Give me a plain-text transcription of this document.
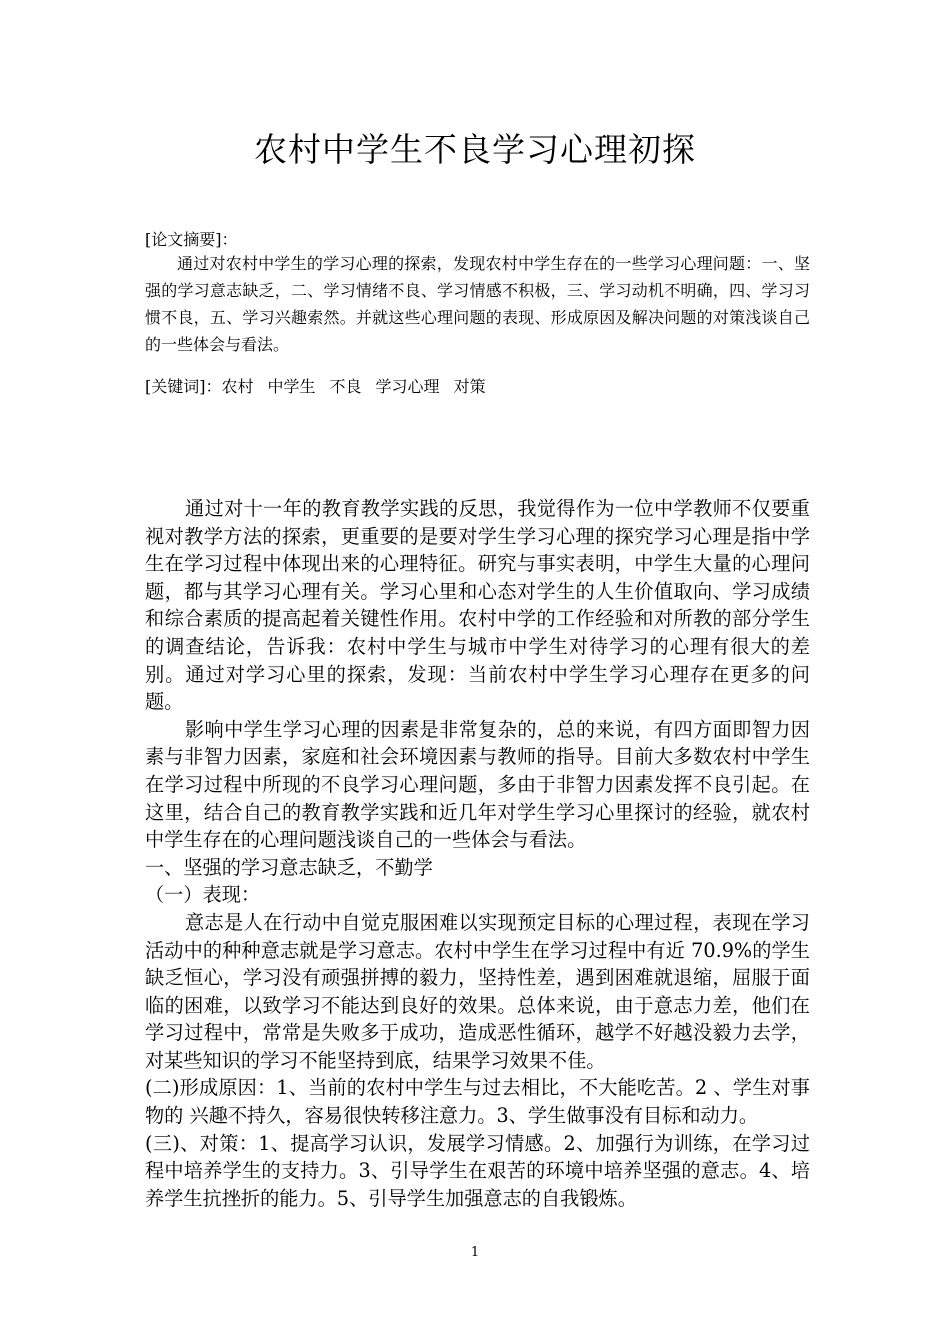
农村中学生不良学习心理初探
[论文摘要]：
通过对农村中学生的学习心理的探索，发现农村中学生存在的一些学习心理问题：一、坚强的学习意志缺乏，二、学习情绪不良、学习情感不积极，三、学习动机不明确，四、学习习惯不良，五、学习兴趣索然。并就这些心理问题的表现、形成原因及解决问题的对策浅谈自己的一些体会与看法。
[关键词]：农村 中学生 不良 学习心理 对策

通过对十一年的教育教学实践的反思，我觉得作为一位中学教师不仅要重视对教学方法的探索，更重要的是要对学生学习心理的探究学习心理是指中学生在学习过程中体现出来的心理特征。研究与事实表明，中学生大量的心理问题，都与其学习心理有关。学习心里和心态对学生的人生价值取向、学习成绩和综合素质的提高起着关键性作用。农村中学的工作经验和对所教的部分学生的调查结论，告诉我：农村中学生与城市中学生对待学习的心理有很大的差别。通过对学习心里的探索，发现：当前农村中学生学习心理存在更多的问题。

影响中学生学习心理的因素是非常复杂的，总的来说，有四方面即智力因素与非智力因素，家庭和社会环境因素与教师的指导。目前大多数农村中学生在学习过程中所现的不良学习心理问题，多由于非智力因素发挥不良引起。在这里，结合自己的教育教学实践和近几年对学生学习心里探讨的经验，就农村中学生存在的心理问题浅谈自己的一些体会与看法。

一、坚强的学习意志缺乏，不勤学

（一）表现：

意志是人在行动中自觉克服困难以实现预定目标的心理过程，表现在学习活动中的种种意志就是学习意志。农村中学生在学习过程中有近 70.9%的学生缺乏恒心，学习没有顽强拼搏的毅力，坚持性差，遇到困难就退缩，屈服于面临的困难，以致学习不能达到良好的效果。总体来说，由于意志力差，他们在学习过程中，常常是失败多于成功，造成恶性循环，越学不好越没毅力去学，对某些知识的学习不能坚持到底，结果学习效果不佳。

(二)形成原因：1、当前的农村中学生与过去相比，不大能吃苦。2 、学生对事物的 兴趣不持久，容易很快转移注意力。3、学生做事没有目标和动力。

(三)、对策：1、提高学习认识，发展学习情感。2、加强行为训练，在学习过程中培养学生的支持力。3、引导学生在艰苦的环境中培养坚强的意志。4、培养学生抗挫折的能力。5、引导学生加强意志的自我锻炼。

1
